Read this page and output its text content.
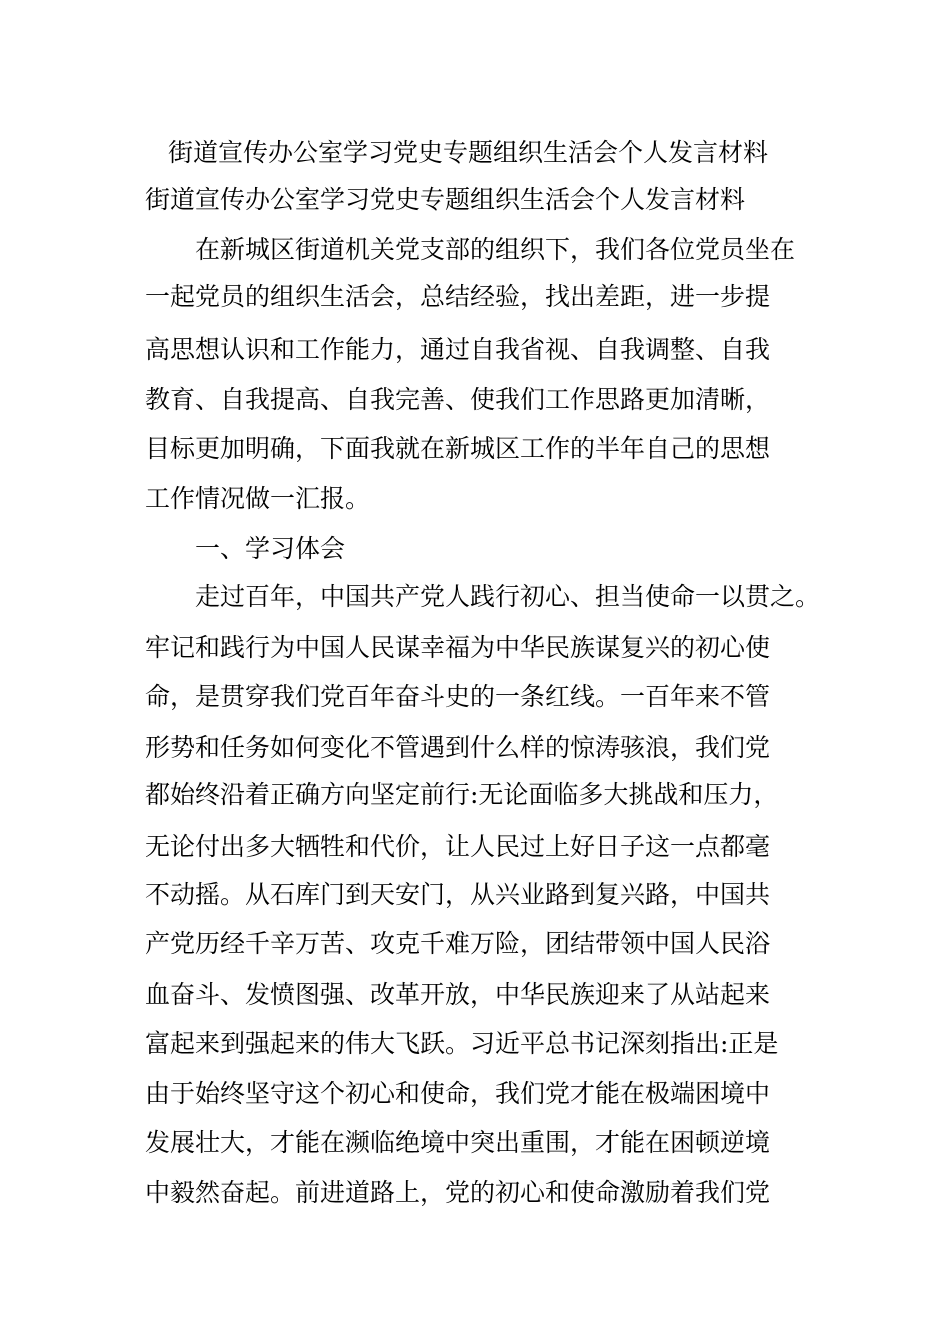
街道宣传办公室学习党史专题组织生活会个人发言材料
街道宣传办公室学习党史专题组织生活会个人发言材料
　　在新城区街道机关党支部的组织下，我们各位党员坐在
一起党员的组织生活会，总结经验，找出差距，进一步提
高思想认识和工作能力，通过自我省视、自我调整、自我
教育、自我提高、自我完善、使我们工作思路更加清晰，
目标更加明确，下面我就在新城区工作的半年自己的思想
工作情况做一汇报。
　　一、学习体会
　　走过百年，中国共产党人践行初心、担当使命一以贯之。
牢记和践行为中国人民谋幸福为中华民族谋复兴的初心使
命，是贯穿我们党百年奋斗史的一条红线。一百年来不管
形势和任务如何变化不管遇到什么样的惊涛骇浪，我们党
都始终沿着正确方向坚定前行:无论面临多大挑战和压力，
无论付出多大牺牲和代价，让人民过上好日子这一点都毫
不动摇。从石库门到天安门，从兴业路到复兴路，中国共
产党历经千辛万苦、攻克千难万险，团结带领中国人民浴
血奋斗、发愤图强、改革开放，中华民族迎来了从站起来
富起来到强起来的伟大飞跃。习近平总书记深刻指出:正是
由于始终坚守这个初心和使命，我们党才能在极端困境中
发展壮大，才能在濒临绝境中突出重围，才能在困顿逆境
中毅然奋起。前进道路上，党的初心和使命激励着我们党
